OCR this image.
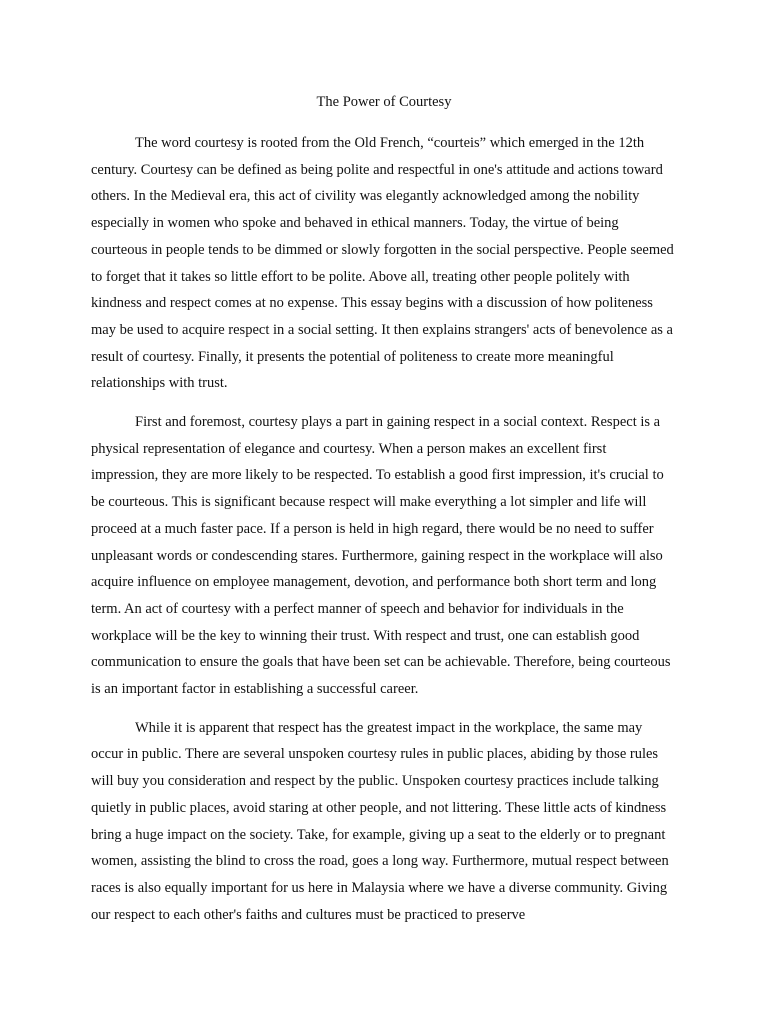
The Power of Courtesy

The word courtesy is rooted from the Old French, “courteis” which emerged in the 12th century. Courtesy can be defined as being polite and respectful in one's attitude and actions toward others. In the Medieval era, this act of civility was elegantly acknowledged among the nobility especially in women who spoke and behaved in ethical manners. Today, the virtue of being courteous in people tends to be dimmed or slowly forgotten in the social perspective. People seemed to forget that it takes so little effort to be polite. Above all, treating other people politely with kindness and respect comes at no expense. This essay begins with a discussion of how politeness may be used to acquire respect in a social setting. It then explains strangers' acts of benevolence as a result of courtesy. Finally, it presents the potential of politeness to create more meaningful relationships with trust.

First and foremost, courtesy plays a part in gaining respect in a social context. Respect is a physical representation of elegance and courtesy. When a person makes an excellent first impression, they are more likely to be respected. To establish a good first impression, it's crucial to be courteous. This is significant because respect will make everything a lot simpler and life will proceed at a much faster pace. If a person is held in high regard, there would be no need to suffer unpleasant words or condescending stares. Furthermore, gaining respect in the workplace will also acquire influence on employee management, devotion, and performance both short term and long term. An act of courtesy with a perfect manner of speech and behavior for individuals in the workplace will be the key to winning their trust. With respect and trust, one can establish good communication to ensure the goals that have been set can be achievable. Therefore, being courteous is an important factor in establishing a successful career.

While it is apparent that respect has the greatest impact in the workplace, the same may occur in public. There are several unspoken courtesy rules in public places, abiding by those rules will buy you consideration and respect by the public. Unspoken courtesy practices include talking quietly in public places, avoid staring at other people, and not littering. These little acts of kindness bring a huge impact on the society. Take, for example, giving up a seat to the elderly or to pregnant women, assisting the blind to cross the road, goes a long way. Furthermore, mutual respect between races is also equally important for us here in Malaysia where we have a diverse community. Giving our respect to each other's faiths and cultures must be practiced to preserve
